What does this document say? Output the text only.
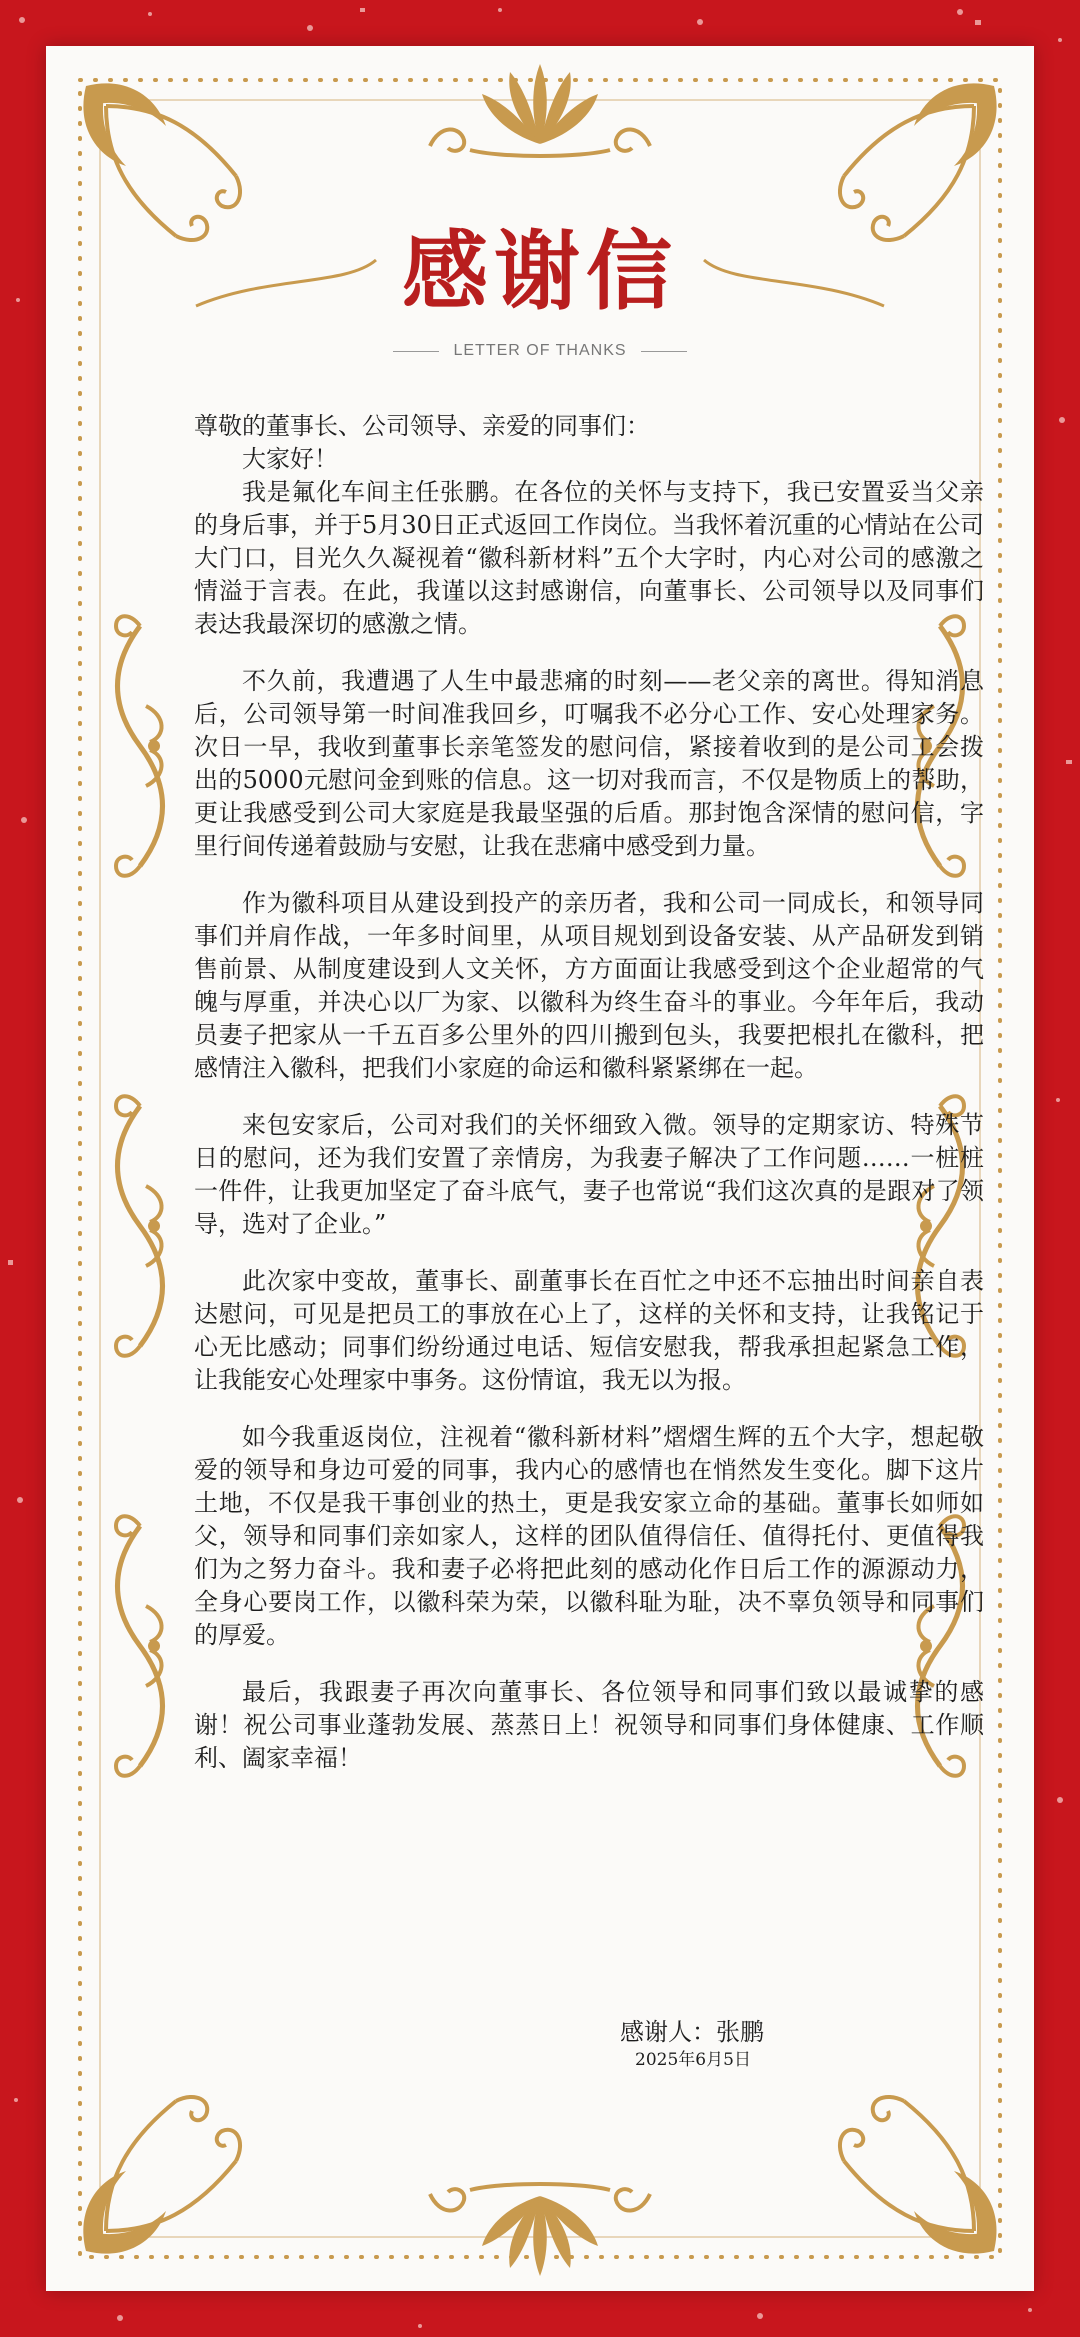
感谢信
LETTER OF THANKS

尊敬的董事长、公司领导、亲爱的同事们：

大家好！

我是氟化车间主任张鹏。在各位的关怀与支持下，我已安置妥当父亲的身后事，并于5月30日正式返回工作岗位。当我怀着沉重的心情站在公司大门口，目光久久凝视着“徽科新材料”五个大字时，内心对公司的感激之情溢于言表。在此，我谨以这封感谢信，向董事长、公司领导以及同事们表达我最深切的感激之情。

不久前，我遭遇了人生中最悲痛的时刻——老父亲的离世。得知消息后，公司领导第一时间准我回乡，叮嘱我不必分心工作、安心处理家务。次日一早，我收到董事长亲笔签发的慰问信，紧接着收到的是公司工会拨出的5000元慰问金到账的信息。这一切对我而言，不仅是物质上的帮助，更让我感受到公司大家庭是我最坚强的后盾。那封饱含深情的慰问信，字里行间传递着鼓励与安慰，让我在悲痛中感受到力量。

作为徽科项目从建设到投产的亲历者，我和公司一同成长，和领导同事们并肩作战，一年多时间里，从项目规划到设备安装、从产品研发到销售前景、从制度建设到人文关怀，方方面面让我感受到这个企业超常的气魄与厚重，并决心以厂为家、以徽科为终生奋斗的事业。今年年后，我动员妻子把家从一千五百多公里外的四川搬到包头，我要把根扎在徽科，把感情注入徽科，把我们小家庭的命运和徽科紧紧绑在一起。

来包安家后，公司对我们的关怀细致入微。领导的定期家访、特殊节日的慰问，还为我们安置了亲情房，为我妻子解决了工作问题……一桩桩一件件，让我更加坚定了奋斗底气，妻子也常说“我们这次真的是跟对了领导，选对了企业。”

此次家中变故，董事长、副董事长在百忙之中还不忘抽出时间亲自表达慰问，可见是把员工的事放在心上了，这样的关怀和支持，让我铭记于心无比感动；同事们纷纷通过电话、短信安慰我，帮我承担起紧急工作，让我能安心处理家中事务。这份情谊，我无以为报。

如今我重返岗位，注视着“徽科新材料”熠熠生辉的五个大字，想起敬爱的领导和身边可爱的同事，我内心的感情也在悄然发生变化。脚下这片土地，不仅是我干事创业的热土，更是我安家立命的基础。董事长如师如父，领导和同事们亲如家人，这样的团队值得信任、值得托付、更值得我们为之努力奋斗。我和妻子必将把此刻的感动化作日后工作的源源动力，全身心要岗工作，以徽科荣为荣，以徽科耻为耻，决不辜负领导和同事们的厚爱。

最后，我跟妻子再次向董事长、各位领导和同事们致以最诚挚的感谢！祝公司事业蓬勃发展、蒸蒸日上！祝领导和同事们身体健康、工作顺利、阖家幸福！

感谢人：张鹏
2025年6月5日
